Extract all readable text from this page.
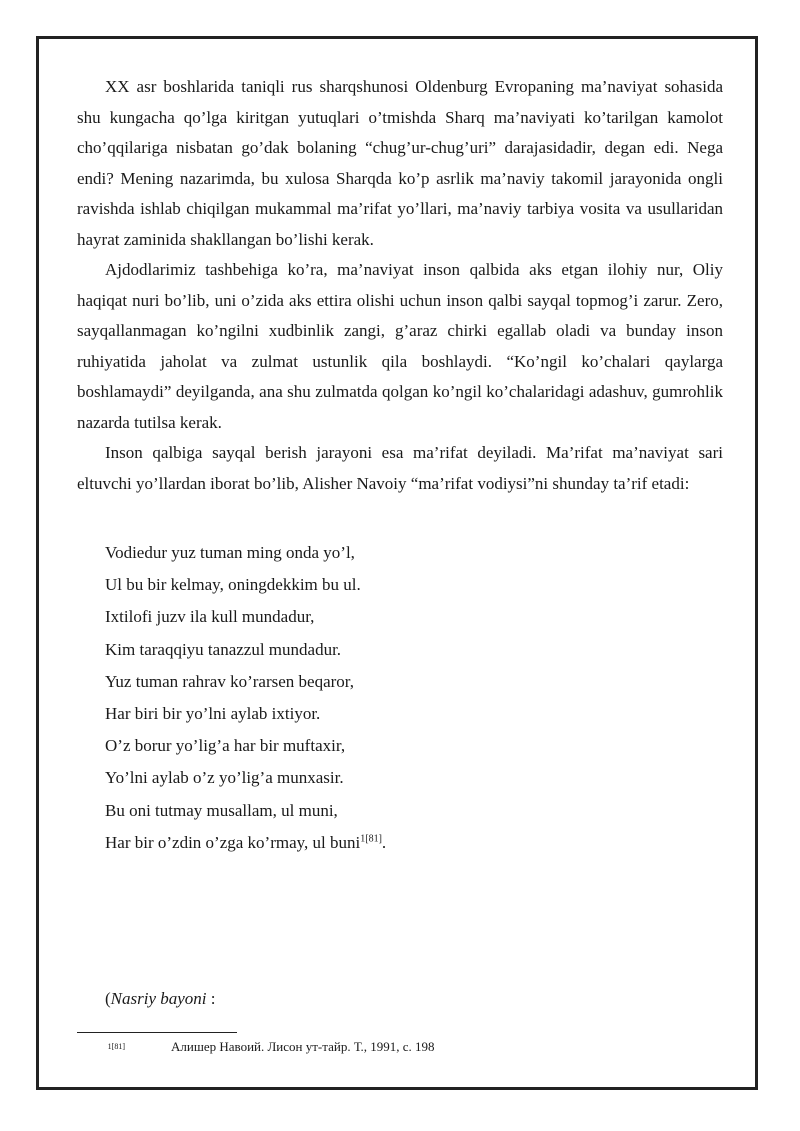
XX asr boshlarida taniqli rus sharqshunosi Oldenburg Evropaning ma’naviyat sohasida shu kungacha qo’lga kiritgan yutuqlari o’tmishda Sharq ma’naviyati ko’tarilgan kamolot cho’qqilariga nisbatan go’dak bolaning “chug’ur-chug’uri” darajasidadir, degan edi. Nega endi? Mening nazarimda, bu xulosa Sharqda ko’p asrlik ma’naviy takomil jarayonida ongli ravishda ishlab chiqilgan mukammal ma’rifat yo’llari, ma’naviy tarbiya vosita va usullaridan hayrat zaminida shakllangan bo’lishi kerak.

Ajdodlarimiz tashbehiga ko’ra, ma’naviyat inson qalbida aks etgan ilohiy nur, Oliy haqiqat nuri bo’lib, uni o’zida aks ettira olishi uchun inson qalbi sayqal topmog’i zarur. Zero, sayqallanmagan ko’ngilni xudbinlik zangi, g’araz chirki egallab oladi va bunday inson ruhiyatida jaholat va zulmat ustunlik qila boshlaydi. “Ko’ngil ko’chalari qaylarga boshlamaydi” deyilganda, ana shu zulmatda qolgan ko’ngil ko’chalaridagi adashuv, gumrohlik nazarda tutilsa kerak.

Inson qalbiga sayqal berish jarayoni esa ma’rifat deyiladi. Ma’rifat ma’naviyat sari eltuvchi yo’llardan iborat bo’lib, Alisher Navoiy “ma’rifat vodiysi”ni shunday ta’rif etadi:

Vodiedur yuz tuman ming onda yo’l,
Ul bu bir kelmay, oningdekkim bu ul.
Ixtilofi juzv ila kull mundadur,
Kim taraqqiyu tanazzul mundadur.
Yuz tuman rahrav ko’rarsen beqaror,
Har biri bir yo’lni aylab ixtiyor.
O’z borur yo’lig’a har bir muftaxir,
Yo’lni aylab o’z yo’lig’a munxasir.
Bu oni tutmay musallam, ul muni,
Har bir o’zdin o’zga ko’rmay, ul buni$^{1[81]}$.
(Nasriy bayoni :
1[81]	Алишер Навоий. Лисон ут-тайр. Т., 1991, с. 198
